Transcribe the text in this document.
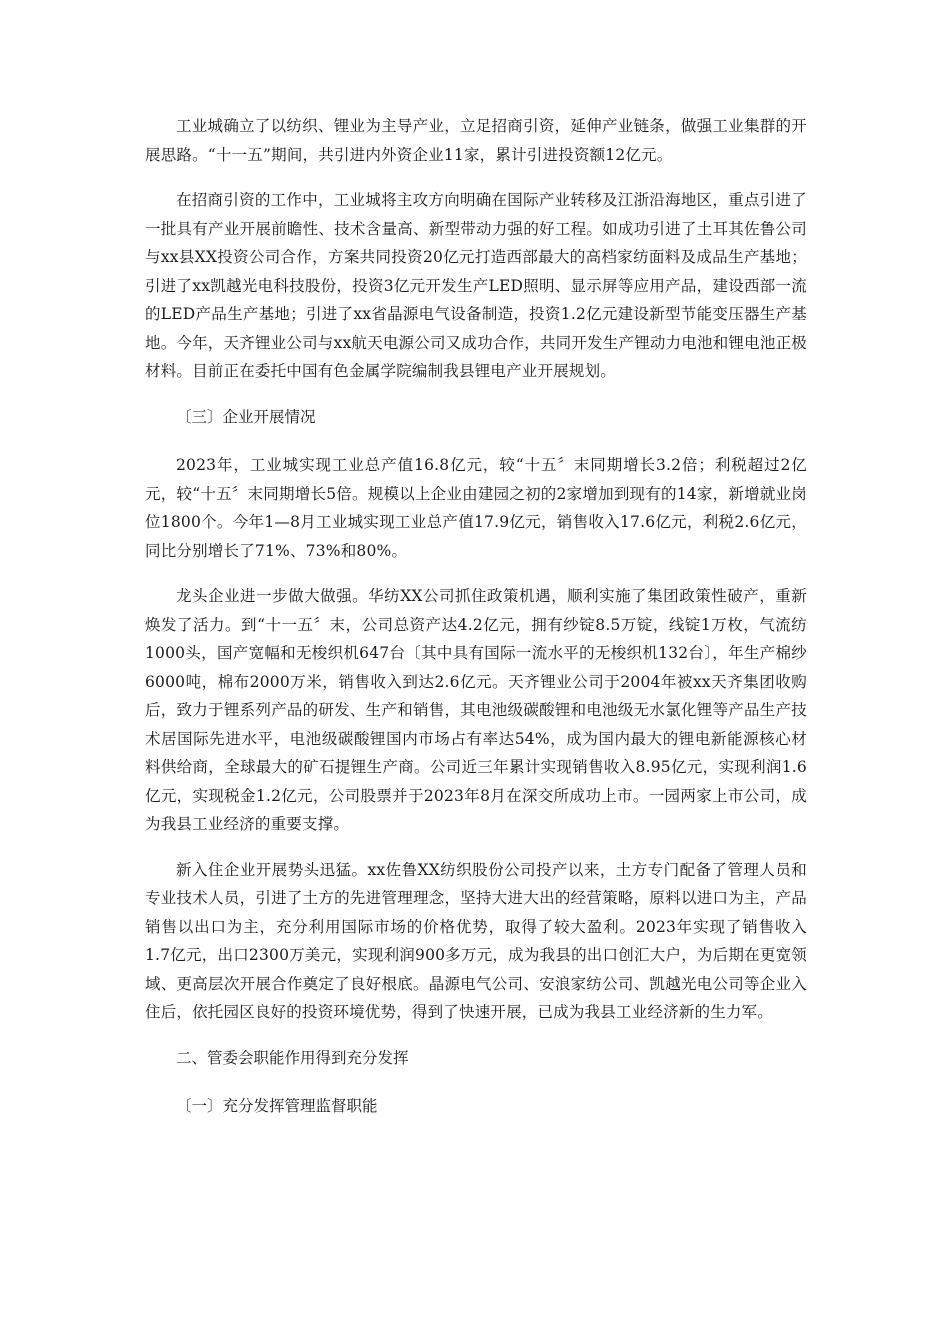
工业城确立了以纺织、锂业为主导产业，立足招商引资，延伸产业链条，做强工业集群的开展思路。“十一五”期间，共引进内外资企业11家，累计引进投资额12亿元。

在招商引资的工作中，工业城将主攻方向明确在国际产业转移及江浙沿海地区，重点引进了一批具有产业开展前瞻性、技术含量高、新型带动力强的好工程。如成功引进了土耳其佐鲁公司与xx县XX投资公司合作，方案共同投资20亿元打造西部最大的高档家纺面料及成品生产基地；引进了xx凯越光电科技股份，投资3亿元开发生产LED照明、显示屏等应用产品，建设西部一流的LED产品生产基地；引进了xx省晶源电气设备制造，投资1.2亿元建设新型节能变压器生产基地。今年，天齐锂业公司与xx航天电源公司又成功合作，共同开发生产锂动力电池和锂电池正极材料。目前正在委托中国有色金属学院编制我县锂电产业开展规划。

〔三〕企业开展情况

2023年，工业城实现工业总产值16.8亿元，较“十五〞末同期增长3.2倍；利税超过2亿元，较“十五〞末同期增长5倍。规模以上企业由建园之初的2家增加到现有的14家，新增就业岗位1800个。今年1—8月工业城实现工业总产值17.9亿元，销售收入17.6亿元，利税2.6亿元，同比分别增长了71%、73%和80%。

龙头企业进一步做大做强。华纺XX公司抓住政策机遇，顺利实施了集团政策性破产，重新焕发了活力。到“十一五〞末，公司总资产达4.2亿元，拥有纱锭8.5万锭，线锭1万枚，气流纺1000头，国产宽幅和无梭织机647台〔其中具有国际一流水平的无梭织机132台〕，年生产棉纱6000吨，棉布2000万米，销售收入到达2.6亿元。天齐锂业公司于2004年被xx天齐集团收购后，致力于锂系列产品的研发、生产和销售，其电池级碳酸锂和电池级无水氯化锂等产品生产技术居国际先进水平，电池级碳酸锂国内市场占有率达54%，成为国内最大的锂电新能源核心材料供给商，全球最大的矿石提锂生产商。公司近三年累计实现销售收入8.95亿元，实现利润1.6亿元，实现税金1.2亿元，公司股票并于2023年8月在深交所成功上市。一园两家上市公司，成为我县工业经济的重要支撑。

新入住企业开展势头迅猛。xx佐鲁XX纺织股份公司投产以来，土方专门配备了管理人员和专业技术人员，引进了土方的先进管理理念，坚持大进大出的经营策略，原料以进口为主，产品销售以出口为主，充分利用国际市场的价格优势，取得了较大盈利。2023年实现了销售收入1.7亿元，出口2300万美元，实现利润900多万元，成为我县的出口创汇大户，为后期在更宽领域、更高层次开展合作奠定了良好根底。晶源电气公司、安浪家纺公司、凯越光电公司等企业入住后，依托园区良好的投资环境优势，得到了快速开展，已成为我县工业经济新的生力军。

二、管委会职能作用得到充分发挥

〔一〕充分发挥管理监督职能
